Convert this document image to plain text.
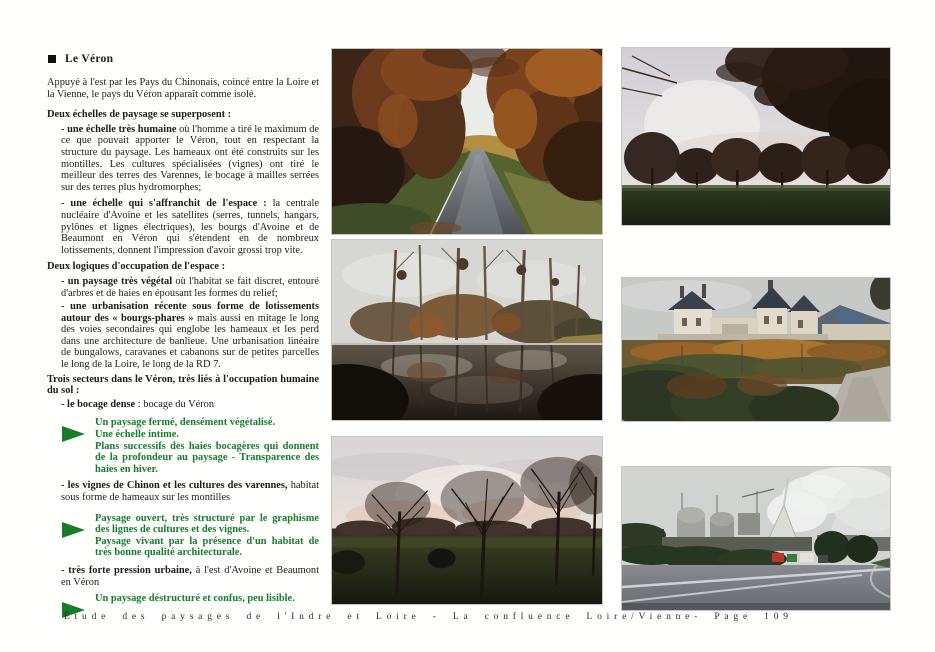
Le Véron
Appuyé à l'est par les Pays du Chinonais, coincé entre la Loire et la Vienne, le pays du Véron apparaît comme isolé.
Deux échelles de paysage se superposent :
- une échelle très humaine où l'homme a tiré le maximum de ce que pouvait apporter le Véron, tout en respectant la structure du paysage. Les hameaux ont été construits sur les montilles. Les cultures spécialisées (vignes) ont tiré le meilleur des terres des Varennes, le bocage à mailles serrées sur des terres plus hydromorphes;
- une échelle qui s'affranchit de l'espace : la centrale nucléaire d'Avoine et les satellites (serres, tunnels, hangars, pylônes et lignes électriques), les bourgs d'Avoine et de Beaumont en Véron qui s'étendent en de nombreux lotissements, donnent l'impression d'avoir grossi trop vite.
Deux logiques d'occupation de l'espace :
- un paysage très végétal où l'habitat se fait discret, entouré d'arbres et de haies en épousant les formes du relief;
- une urbanisation récente sous forme de lotissements autour des « bourgs-phares » mais aussi en mitage le long des voies secondaires qui englobe les hameaux et les perd dans une architecture de banlieue. Une urbanisation linéaire de bungalows, caravanes et cabanons sur de petites parcelles le long de la Loire, le long de la RD 7.
Trois secteurs dans le Véron, très liés à l'occupation humaine du sol :
- le bocage dense : bocage du Véron
Un paysage fermé, densément végétalisé.
Une échelle intime.
Plans successifs des haies bocagères qui donnent de la profondeur au paysage - Transparence des haies en hiver.
- les vignes de Chinon et les cultures des varennes, habitat sous forme de hameaux sur les montilles
Paysage ouvert, très structuré par le graphisme des lignes de cultures et des vignes.
Paysage vivant par la présence d'un habitat de très bonne qualité architecturale.
- très forte pression urbaine, à l'est d'Avoine et Beaumont en Véron
Un paysage déstructuré et confus, peu lisible.
Étude des paysages de l'Indre et Loire - La confluence Loire/Vienne- Page 109
